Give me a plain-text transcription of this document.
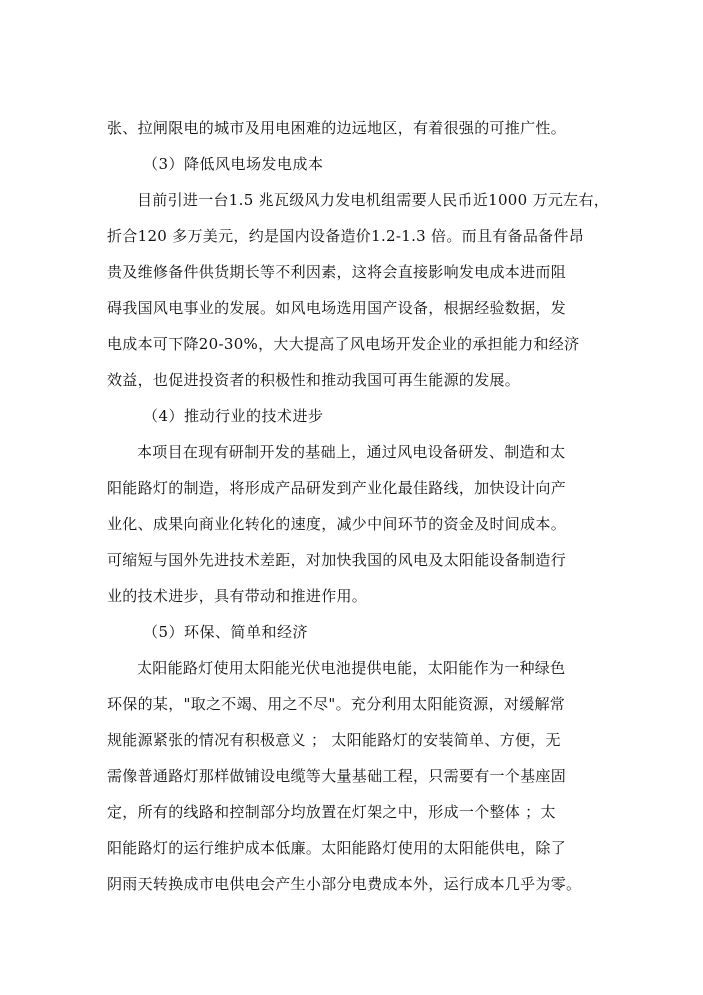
张、拉闸限电的城市及用电困难的边远地区，有着很强的可推广性。
（3）降低风电场发电成本
目前引进一台1.5 兆瓦级风力发电机组需要人民币近1000 万元左右，
折合120 多万美元，约是国内设备造价1.2-1.3 倍。而且有备品备件昂
贵及维修备件供货期长等不利因素，这将会直接影响发电成本进而阻
碍我国风电事业的发展。如风电场选用国产设备，根据经验数据，发
电成本可下降20-30%，大大提高了风电场开发企业的承担能力和经济
效益，也促进投资者的积极性和推动我国可再生能源的发展。
（4）推动行业的技术进步
本项目在现有研制开发的基础上，通过风电设备研发、制造和太
阳能路灯的制造，将形成产品研发到产业化最佳路线，加快设计向产
业化、成果向商业化转化的速度，减少中间环节的资金及时间成本。
可缩短与国外先进技术差距，对加快我国的风电及太阳能设备制造行
业的技术进步，具有带动和推进作用。
（5）环保、简单和经济
太阳能路灯使用太阳能光伏电池提供电能，太阳能作为一种绿色
环保的某，"取之不竭、用之不尽"。充分利用太阳能资源，对缓解常
规能源紧张的情况有积极意义 ； 太阳能路灯的安装简单、方便，无
需像普通路灯那样做铺设电缆等大量基础工程，只需要有一个基座固
定，所有的线路和控制部分均放置在灯架之中，形成一个整体 ；太
阳能路灯的运行维护成本低廉。太阳能路灯使用的太阳能供电，除了
阴雨天转换成市电供电会产生小部分电费成本外，运行成本几乎为零。
